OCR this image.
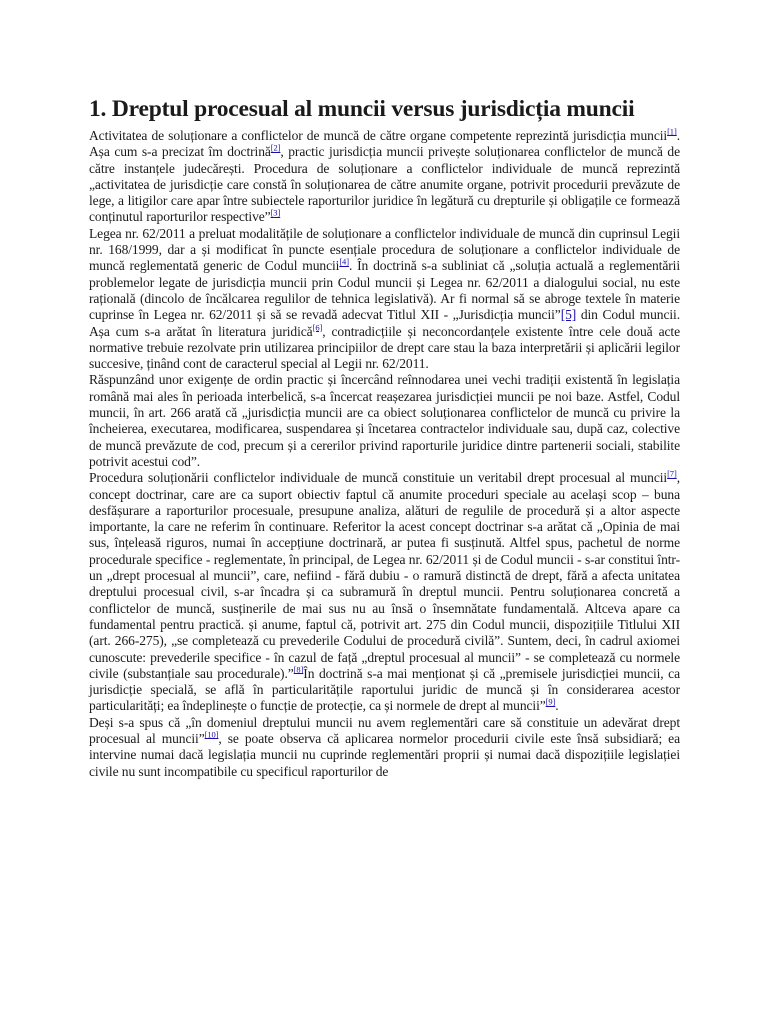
1. Dreptul procesual al muncii versus jurisdicția muncii

Activitatea de soluționare a conflictelor de muncă de către organe competente reprezintă jurisdicția muncii[1]. Așa cum s-a precizat îm doctrină[2], practic jurisdicția muncii privește soluționarea conflictelor de muncă de către instanțele judecărești. Procedura de soluționare a conflictelor individuale de muncă reprezintă „activitatea de jurisdicție care constă în soluționarea de către anumite organe, potrivit procedurii prevăzute de lege, a litigilor care apar între subiectele raporturilor juridice în legătură cu drepturile și obligațile ce formează conținutul raporturilor respective”[3]

Legea nr. 62/2011 a preluat modalitățile de soluționare a conflictelor individuale de muncă din cuprinsul Legii nr. 168/1999, dar a și modificat în puncte esențiale procedura de soluționare a conflictelor individuale de muncă reglementată generic de Codul muncii[4]. În doctrină s-a subliniat că „soluția actuală a reglementării problemelor legate de jurisdicția muncii prin Codul muncii și Legea nr. 62/2011 a dialogului social, nu este rațională (dincolo de încălcarea regulilor de tehnica legislativă). Ar fi normal să se abroge textele în materie cuprinse în Legea nr. 62/2011 și să se revadă adecvat Titlul XII - „Jurisdicția muncii”[5] din Codul muncii. Așa cum s-a arătat în literatura juridică[6], contradicțiile și neconcordanțele existente între cele două acte normative trebuie rezolvate prin utilizarea principiilor de drept care stau la baza interpretării și aplicării legilor succesive, ținând cont de caracterul special al Legii nr. 62/2011.

Răspunzând unor exigențe de ordin practic și încercând reînnodarea unei vechi tradiții existentă în legislația română mai ales în perioada interbelică, s-a încercat reașezarea jurisdicției muncii pe noi baze. Astfel, Codul muncii, în art. 266 arată că „jurisdicția muncii are ca obiect soluționarea conflictelor de muncă cu privire la încheierea, executarea, modificarea, suspendarea și încetarea contractelor individuale sau, după caz, colective de muncă prevăzute de cod, precum și a cererilor privind raporturile juridice dintre partenerii sociali, stabilite potrivit acestui cod”.

Procedura soluționării conflictelor individuale de muncă constituie un veritabil drept procesual al muncii[7], concept doctrinar, care are ca suport obiectiv faptul că anumite proceduri speciale au același scop – buna desfășurare a raporturilor procesuale, presupune analiza, alături de regulile de procedură și a altor aspecte importante, la care ne referim în continuare. Referitor la acest concept doctrinar s-a arătat că „Opinia de mai sus, înțeleasă riguros, numai în accepțiune doctrinară, ar putea fi susținută. Altfel spus, pachetul de norme procedurale specifice - reglementate, în principal, de Legea nr. 62/2011 și de Codul muncii - s-ar constitui într-un „drept procesual al muncii”, care, nefiind - fără dubiu - o ramură distinctă de drept, fără a afecta unitatea dreptului procesual civil, s-ar încadra și ca subramură în dreptul muncii. Pentru soluționarea concretă a conflictelor de muncă, susținerile de mai sus nu au însă o însemnătate fundamentală. Altceva apare ca fundamental pentru practică. și anume, faptul că, potrivit art. 275 din Codul muncii, dispozițiile Titlului XII (art. 266-275), „se completează cu prevederile Codului de procedură civilă”. Suntem, deci, în cadrul axiomei cunoscute: prevederile specifice - în cazul de față „dreptul procesual al muncii” - se completează cu normele civile (substanțiale sau procedurale).”[8]În doctrină s-a mai menționat și că „premisele jurisdicției muncii, ca jurisdicție specială, se află în particularitățile raportului juridic de muncă și în considerarea acestor particularități; ea îndeplinește o funcție de protecție, ca și normele de drept al muncii”[9].

Deși s-a spus că „în domeniul dreptului muncii nu avem reglementări care să constituie un adevărat drept procesual al muncii”[10], se poate observa că aplicarea normelor procedurii civile este însă subsidiară; ea intervine numai dacă legislația muncii nu cuprinde reglementări proprii și numai dacă dispozițiile legislației civile nu sunt incompatibile cu specificul raporturilor de
